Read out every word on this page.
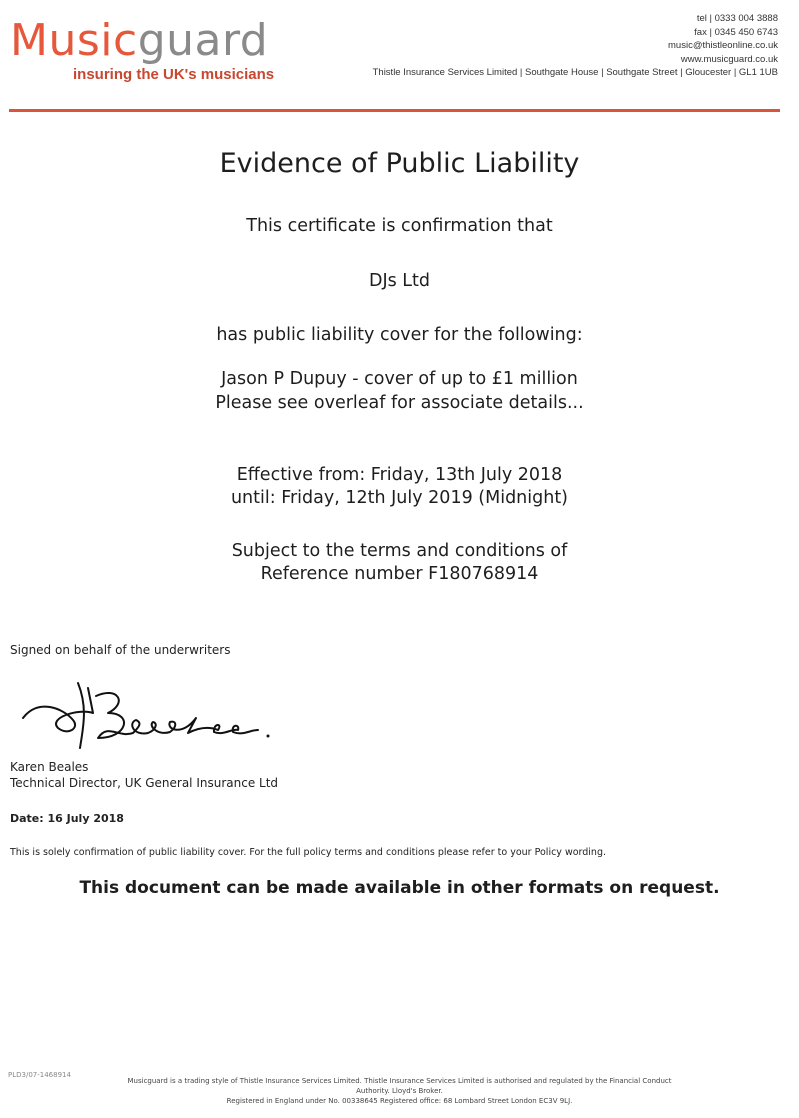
Musicguard
insuring the UK's musicians
tel | 0333 004 3888
fax | 0345 450 6743
music@thistleonline.co.uk
www.musicguard.co.uk
Thistle Insurance Services Limited | Southgate House | Southgate Street | Gloucester | GL1 1UB
Evidence of Public Liability
This certificate is confirmation that
DJs Ltd
has public liability cover for the following:
Jason P Dupuy - cover of up to £1 million
Please see overleaf for associate details...
Effective from: Friday, 13th July 2018
until: Friday, 12th July 2019 (Midnight)
Subject to the terms and conditions of
Reference number F180768914
Signed on behalf of the underwriters
Karen Beales
Technical Director, UK General Insurance Ltd
Date: 16 July 2018
This is solely confirmation of public liability cover. For the full policy terms and conditions please refer to your Policy wording.
This document can be made available in other formats on request.
PLD3/07-1468914
Musicguard is a trading style of Thistle Insurance Services Limited. Thistle Insurance Services Limited is authorised and regulated by the Financial Conduct
Authority. Lloyd's Broker.
Registered in England under No. 00338645 Registered office: 68 Lombard Street London EC3V 9LJ.
